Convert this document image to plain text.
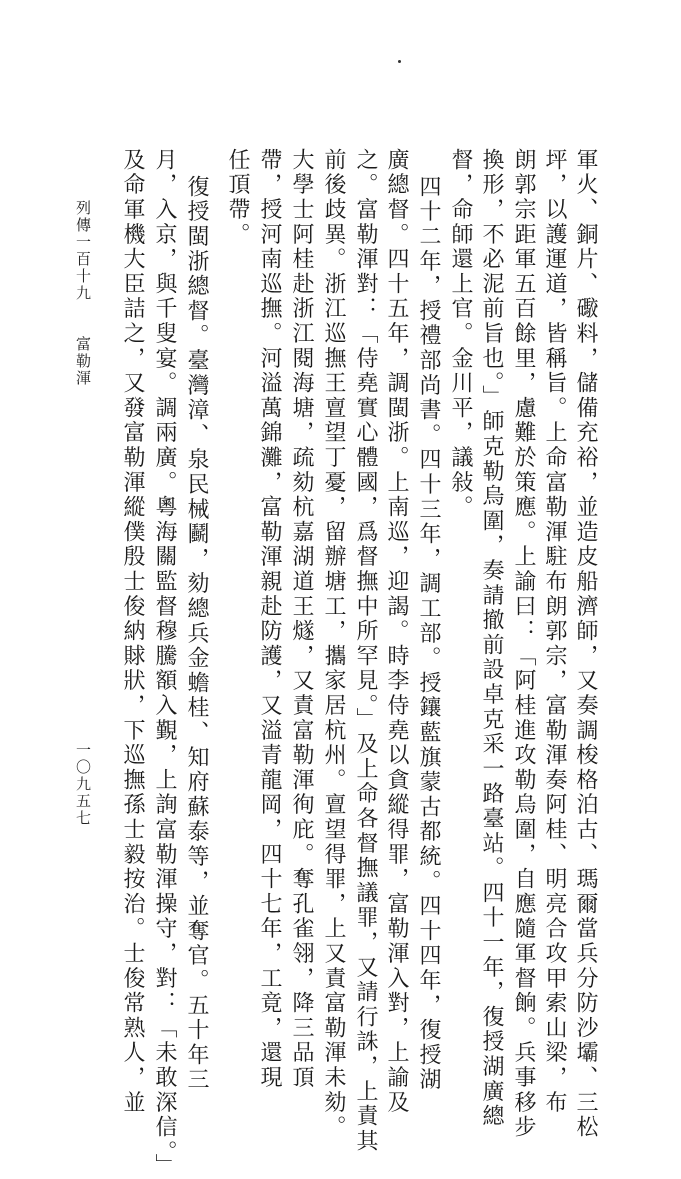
軍火、銅片、礮料，儲備充裕，並造皮船濟師，又奏調梭格泊古、瑪爾當兵分防沙壩、三松
坪，以護運道，皆稱旨。上命富勒渾駐布朗郭宗，富勒渾奏阿桂、明亮合攻甲索山梁，布
朗郭宗距軍五百餘里，慮難於策應。上諭曰：「阿桂進攻勒烏圍，自應隨軍督餉。兵事移步
換形，不必泥前旨也。」師克勒烏圍，奏請撤前設卓克采一路臺站。四十一年，復授湖廣總
督，命師還上官。金川平，議敍。
四十二年，授禮部尚書。四十三年，調工部。授鑲藍旗蒙古都統。四十四年，復授湖
廣總督。四十五年，調閩浙。上南巡，迎謁。時李侍堯以貪縱得罪，富勒渾入對，上諭及
之。富勒渾對：「侍堯實心體國，爲督撫中所罕見。」及上命各督撫議罪，又請行誅，上責其
前後歧異。浙江巡撫王亶望丁憂，留辦塘工，攜家居杭州。亶望得罪，上又責富勒渾未劾。
大學士阿桂赴浙江閱海塘，疏劾杭嘉湖道王燧，又責富勒渾徇庇。奪孔雀翎，降三品頂
帶，授河南巡撫。河溢萬錦灘，富勒渾親赴防護，又溢青龍岡，四十七年，工竟，還現
任頂帶。
復授閩浙總督。臺灣漳、泉民械鬬，劾總兵金蟾桂、知府蘇泰等，並奪官。五十年三
月，入京，與千叟宴。調兩廣。粵海關監督穆騰額入覲，上詢富勒渾操守，對：「未敢深信。」
及命軍機大臣詰之，又發富勒渾縱僕殷士俊納賕狀，下巡撫孫士毅按治。士俊常熟人，並
列傳一百十九　　富勒渾
一〇九五七
